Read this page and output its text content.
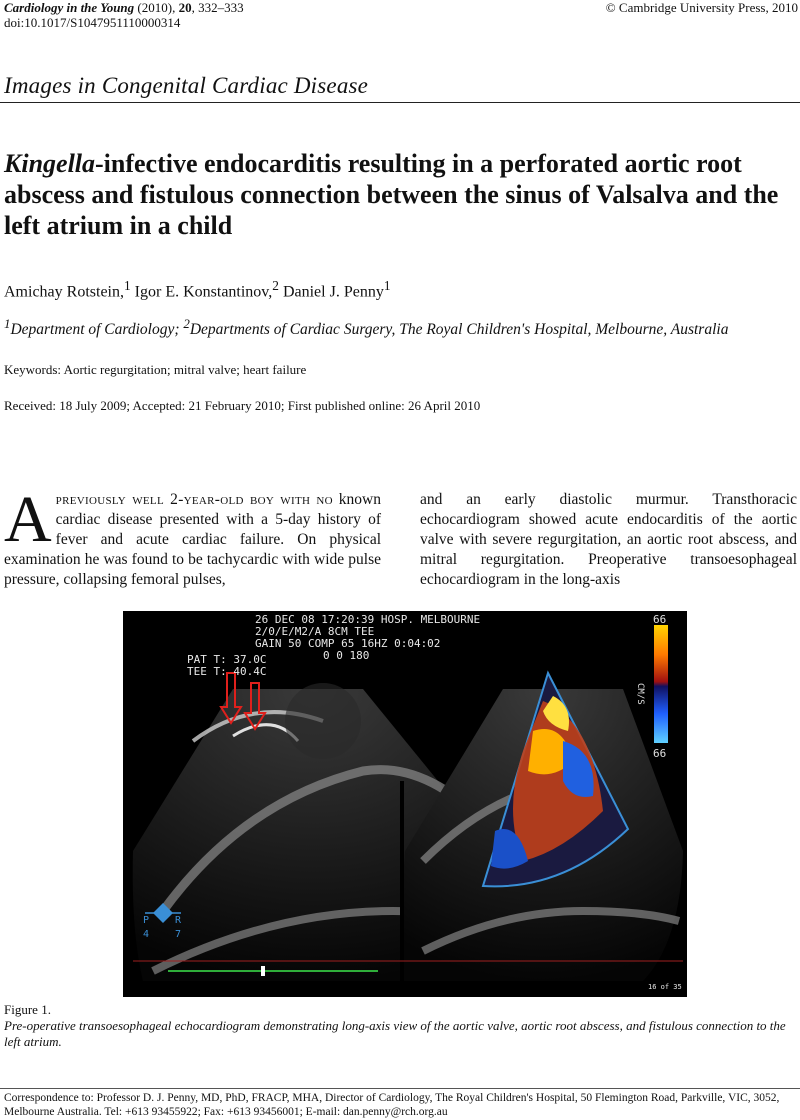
Cardiology in the Young (2010), 20, 332–333	© Cambridge University Press, 2010
doi:10.1017/S1047951110000314
Images in Congenital Cardiac Disease
Kingella-infective endocarditis resulting in a perforated aortic root abscess and fistulous connection between the sinus of Valsalva and the left atrium in a child
Amichay Rotstein,$^1$ Igor E. Konstantinov,$^2$ Daniel J. Penny$^1$
$^1$Department of Cardiology; $^2$Departments of Cardiac Surgery, The Royal Children's Hospital, Melbourne, Australia
Keywords: Aortic regurgitation; mitral valve; heart failure
Received: 18 July 2009; Accepted: 21 February 2010; First published online: 26 April 2010
Apreviously well 2-year-old boy with no known cardiac disease presented with a 5-day history of fever and acute cardiac failure. On physical examination he was found to be tachycardic with wide pulse pressure, collapsing femoral pulses,
and an early diastolic murmur. Transthoracic echocardiogram showed acute endocarditis of the aortic valve with severe regurgitation, an aortic root abscess, and mitral regurgitation. Preoperative transoesophageal echocardiogram in the long-axis
66
66
CM/S
26 DEC 08 17:20:39 HOSP. MELBOURNE
2/0/E/M2/A 8CM TEE
GAIN 50 COMP 65 16HZ 0:04:02
0 0 180
PAT T: 37.0C
TEE T: 40.4C
P	R
4	7
16 of 35
Figure 1.
Pre-operative transoesophageal echocardiogram demonstrating long-axis view of the aortic valve, aortic root abscess, and fistulous connection to the left atrium.
Correspondence to: Professor D. J. Penny, MD, PhD, FRACP, MHA, Director of Cardiology, The Royal Children's Hospital, 50 Flemington Road, Parkville, VIC, 3052, Melbourne Australia. Tel: +613 93455922; Fax: +613 93456001; E-mail: dan.penny@rch.org.au
